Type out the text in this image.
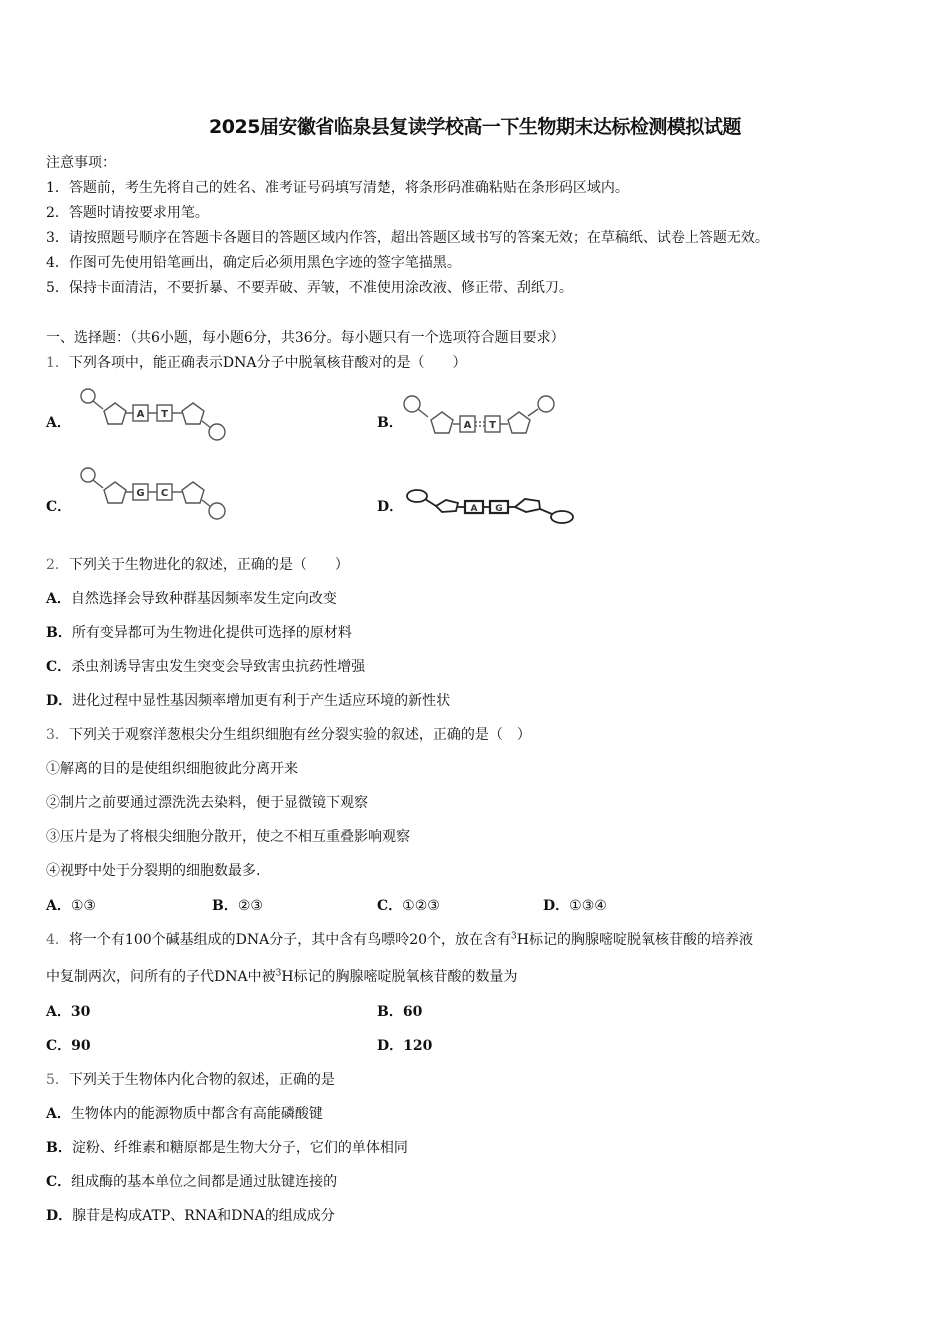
2025届安徽省临泉县复读学校高一下生物期末达标检测模拟试题
注意事项：
1．答题前，考生先将自己的姓名、准考证号码填写清楚，将条形码准确粘贴在条形码区域内。
2．答题时请按要求用笔。
3．请按照题号顺序在答题卡各题目的答题区域内作答，超出答题区域书写的答案无效；在草稿纸、试卷上答题无效。
4．作图可先使用铅笔画出，确定后必须用黑色字迹的签字笔描黑。
5．保持卡面清洁，不要折暴、不要弄破、弄皱，不准使用涂改液、修正带、刮纸刀。
一、选择题：（共6小题，每小题6分，共36分。每小题只有一个选项符合题目要求）
1．下列各项中，能正确表示DNA分子中脱氧核苷酸对的是（　　）
A．
A T
B．	A T
C．
G C
D．	A G
2．下列关于生物进化的叙述，正确的是（　　）
A．自然选择会导致种群基因频率发生定向改变
B．所有变异都可为生物进化提供可选择的原材料
C．杀虫剂诱导害虫发生突变会导致害虫抗药性增强
D．进化过程中显性基因频率增加更有利于产生适应环境的新性状
3．下列关于观察洋葱根尖分生组织细胞有丝分裂实验的叙述，正确的是（　）
①解离的目的是使组织细胞彼此分离开来
②制片之前要通过漂洗洗去染料，便于显微镜下观察
③压片是为了将根尖细胞分散开，使之不相互重叠影响观察
④视野中处于分裂期的细胞数最多.
A．①③	B．②③	C．①②③	D．①③④
4．将一个有100个碱基组成的DNA分子，其中含有鸟嘌呤20个，放在含有$^3$H标记的胸腺嘧啶脱氧核苷酸的培养液
中复制两次，问所有的子代DNA中被$^3$H标记的胸腺嘧啶脱氧核苷酸的数量为
A．30	B．60
C．90	D．120
5．下列关于生物体内化合物的叙述，正确的是
A．生物体内的能源物质中都含有高能磷酸键
B．淀粉、纤维素和糖原都是生物大分子，它们的单体相同
C．组成酶的基本单位之间都是通过肽键连接的
D．腺苷是构成ATP、RNA和DNA的组成成分
